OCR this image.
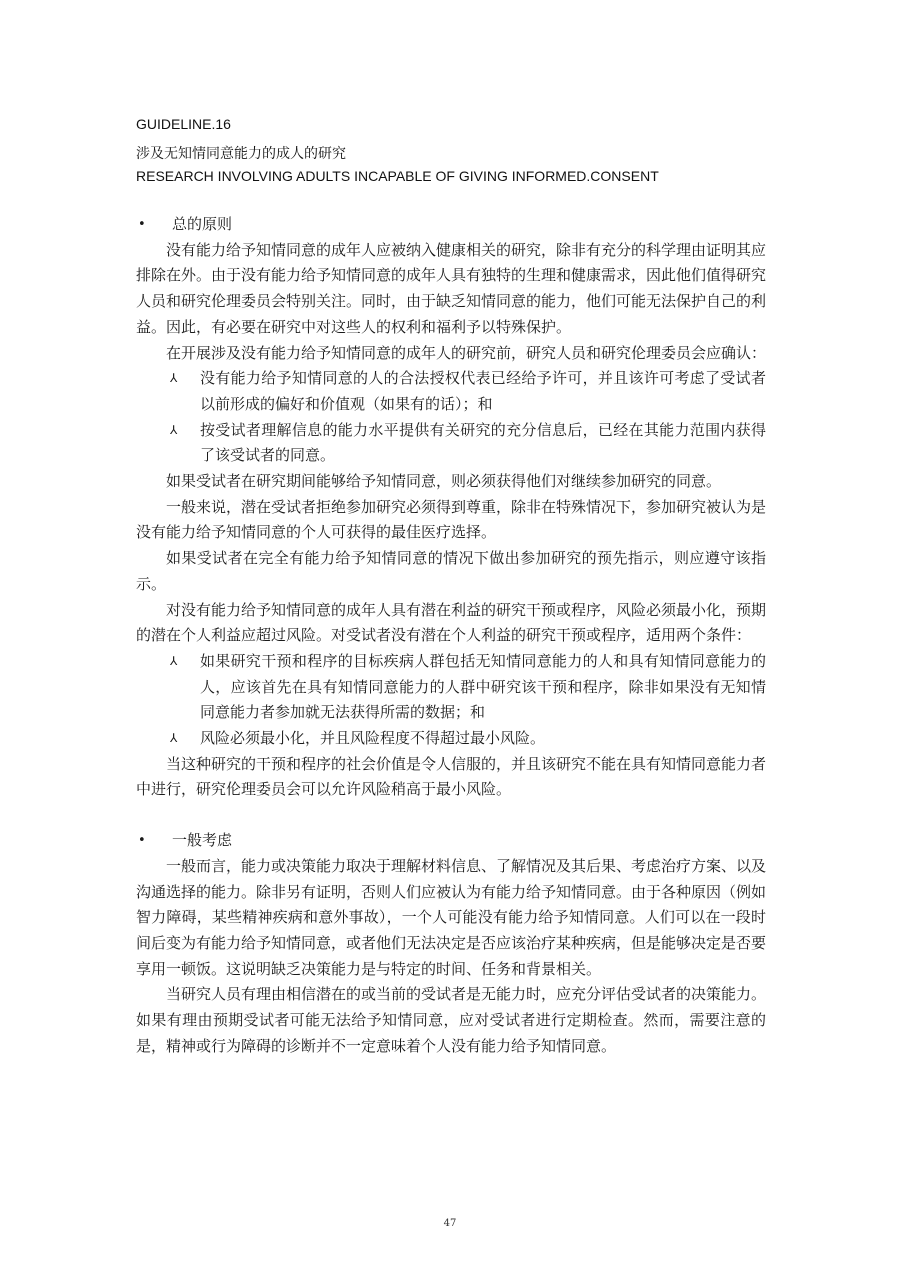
GUIDELINE.16
涉及无知情同意能力的成人的研究
RESEARCH INVOLVING ADULTS INCAPABLE OF GIVING INFORMED.CONSENT
• 总的原则

没有能力给予知情同意的成年人应被纳入健康相关的研究，除非有充分的科学理由证明其应排除在外。由于没有能力给予知情同意的成年人具有独特的生理和健康需求，因此他们值得研究人员和研究伦理委员会特别关注。同时，由于缺乏知情同意的能力，他们可能无法保护自己的利益。因此，有必要在研究中对这些人的权利和福利予以特殊保护。

在开展涉及没有能力给予知情同意的成年人的研究前，研究人员和研究伦理委员会应确认：

⅄ 没有能力给予知情同意的人的合法授权代表已经给予许可，并且该许可考虑了受试者以前形成的偏好和价值观（如果有的话）；和
⅄ 按受试者理解信息的能力水平提供有关研究的充分信息后，已经在其能力范围内获得了该受试者的同意。

如果受试者在研究期间能够给予知情同意，则必须获得他们对继续参加研究的同意。

一般来说，潜在受试者拒绝参加研究必须得到尊重，除非在特殊情况下，参加研究被认为是没有能力给予知情同意的个人可获得的最佳医疗选择。

如果受试者在完全有能力给予知情同意的情况下做出参加研究的预先指示，则应遵守该指示。

对没有能力给予知情同意的成年人具有潜在利益的研究干预或程序，风险必须最小化，预期的潜在个人利益应超过风险。对受试者没有潜在个人利益的研究干预或程序，适用两个条件：

⅄ 如果研究干预和程序的目标疾病人群包括无知情同意能力的人和具有知情同意能力的人，应该首先在具有知情同意能力的人群中研究该干预和程序，除非如果没有无知情同意能力者参加就无法获得所需的数据；和
⅄ 风险必须最小化，并且风险程度不得超过最小风险。

当这种研究的干预和程序的社会价值是令人信服的，并且该研究不能在具有知情同意能力者中进行，研究伦理委员会可以允许风险稍高于最小风险。

• 一般考虑

一般而言，能力或决策能力取决于理解材料信息、了解情况及其后果、考虑治疗方案、以及沟通选择的能力。除非另有证明，否则人们应被认为有能力给予知情同意。由于各种原因（例如智力障碍，某些精神疾病和意外事故），一个人可能没有能力给予知情同意。人们可以在一段时间后变为有能力给予知情同意，或者他们无法决定是否应该治疗某种疾病，但是能够决定是否要享用一顿饭。这说明缺乏决策能力是与特定的时间、任务和背景相关。

当研究人员有理由相信潜在的或当前的受试者是无能力时，应充分评估受试者的决策能力。如果有理由预期受试者可能无法给予知情同意，应对受试者进行定期检查。然而，需要注意的是，精神或行为障碍的诊断并不一定意味着个人没有能力给予知情同意。

47
